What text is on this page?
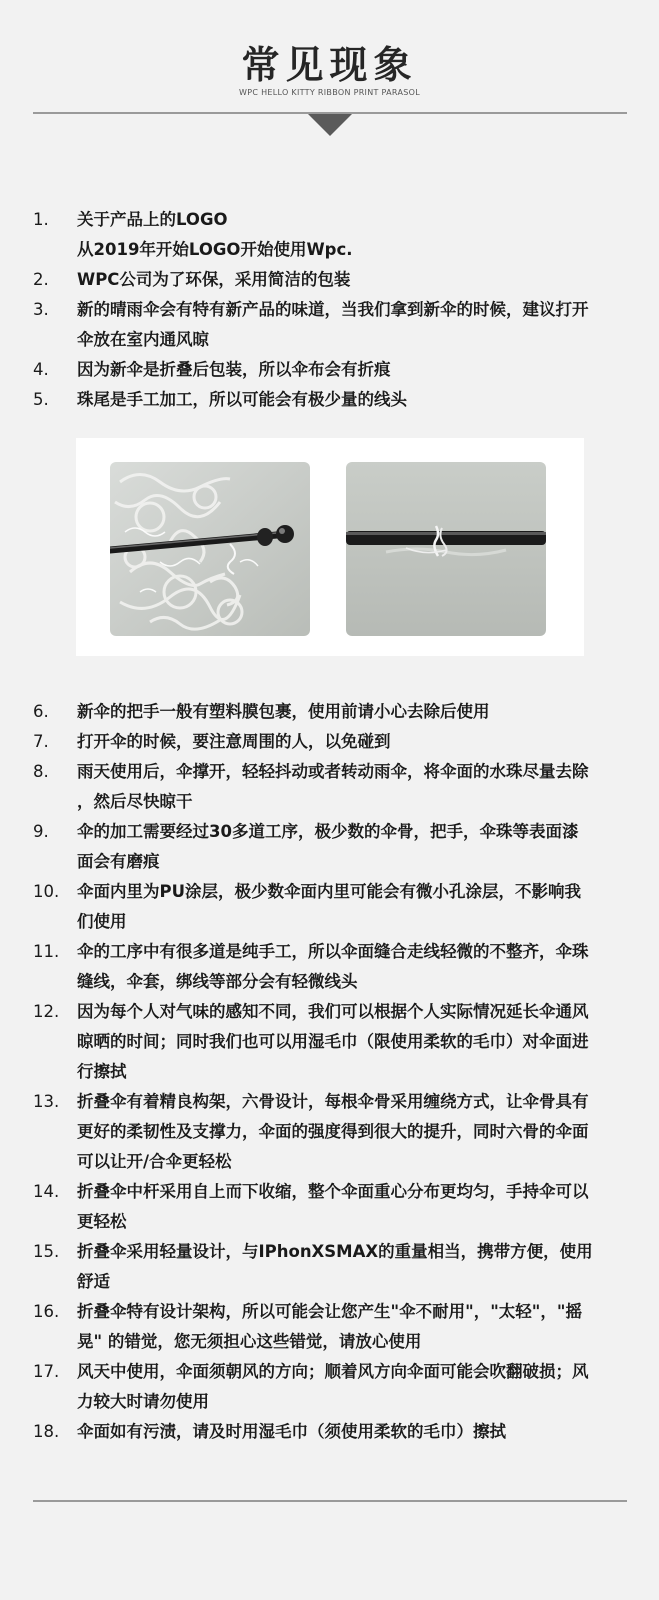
常见现象
WPC HELLO KITTY RIBBON PRINT PARASOL
1.	关于产品上的LOGO
从2019年开始LOGO开始使用Wpc.
2.	WPC公司为了环保，采用简洁的包装
3.	新的晴雨伞会有特有新产品的味道，当我们拿到新伞的时候，建议打开
伞放在室内通风晾
4.	因为新伞是折叠后包装，所以伞布会有折痕
5.	珠尾是手工加工，所以可能会有极少量的线头
6.	新伞的把手一般有塑料膜包裹，使用前请小心去除后使用
7.	打开伞的时候，要注意周围的人，以免碰到
8.	雨天使用后，伞撑开，轻轻抖动或者转动雨伞，将伞面的水珠尽量去除
，然后尽快晾干
9.	伞的加工需要经过30多道工序，极少数的伞骨，把手，伞珠等表面漆
面会有磨痕
10.	伞面内里为PU涂层，极少数伞面内里可能会有微小孔涂层，不影响我
们使用
11.	伞的工序中有很多道是纯手工，所以伞面缝合走线轻微的不整齐，伞珠
缝线，伞套，绑线等部分会有轻微线头
12.	因为每个人对气味的感知不同，我们可以根据个人实际情况延长伞通风
晾晒的时间；同时我们也可以用湿毛巾（限使用柔软的毛巾）对伞面进
行擦拭
13.	折叠伞有着精良构架，六骨设计，每根伞骨采用缠绕方式，让伞骨具有
更好的柔韧性及支撑力，伞面的强度得到很大的提升，同时六骨的伞面
可以让开/合伞更轻松
14.	折叠伞中杆采用自上而下收缩，整个伞面重心分布更均匀，手持伞可以
更轻松
15.	折叠伞采用轻量设计，与IPhonXSMAX的重量相当，携带方便，使用
舒适
16.	折叠伞特有设计架构，所以可能会让您产生"伞不耐用"，"太轻"，"摇
晃" 的错觉，您无须担心这些错觉，请放心使用
17.	风天中使用，伞面须朝风的方向；顺着风方向伞面可能会吹翻破损；风
力较大时请勿使用
18.	伞面如有污渍，请及时用湿毛巾（须使用柔软的毛巾）擦拭
